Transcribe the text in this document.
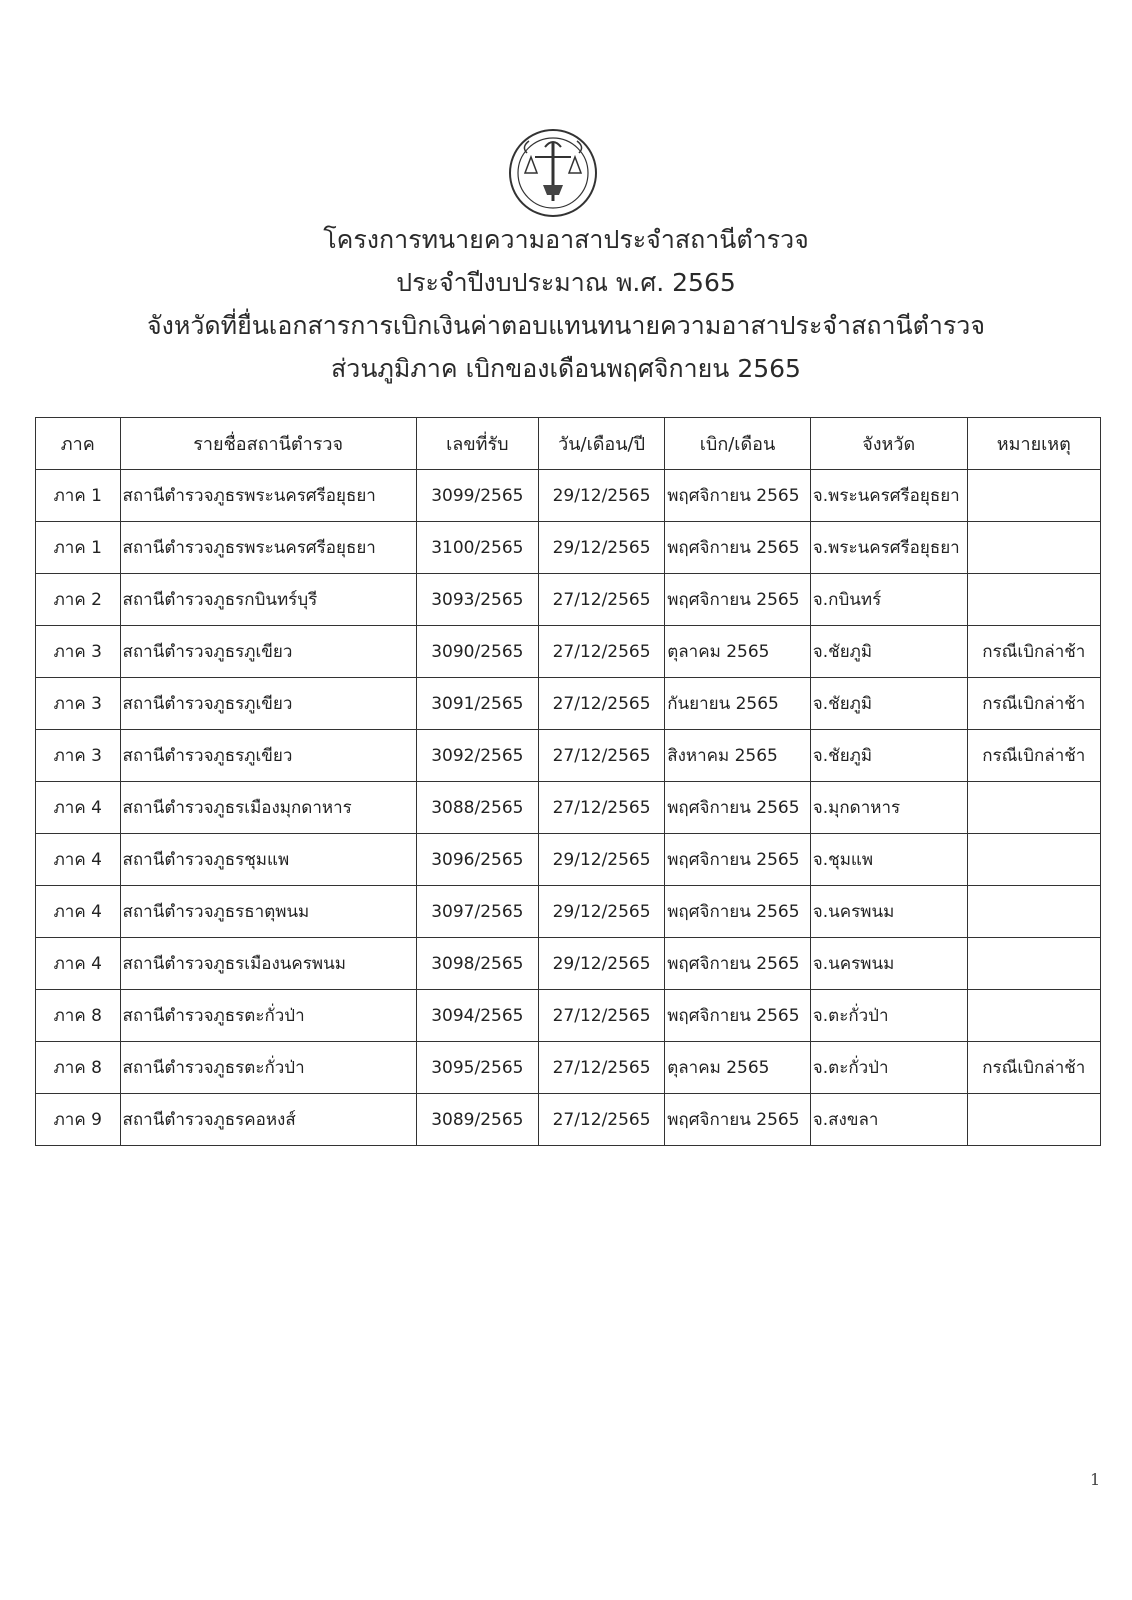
โครงการทนายความอาสาประจำสถานีตำรวจ
ประจำปีงบประมาณ พ.ศ. 2565
จังหวัดที่ยื่นเอกสารการเบิกเงินค่าตอบแทนทนายความอาสาประจำสถานีตำรวจ
ส่วนภูมิภาค เบิกของเดือนพฤศจิกายน 2565
ภาค	รายชื่อสถานีตำรวจ	เลขที่รับ	วัน/เดือน/ปี	เบิก/เดือน	จังหวัด	หมายเหตุ
ภาค 1	สถานีตำรวจภูธรพระนครศรีอยุธยา	3099/2565	29/12/2565	พฤศจิกายน 2565	จ.พระนครศรีอยุธยา	
ภาค 1	สถานีตำรวจภูธรพระนครศรีอยุธยา	3100/2565	29/12/2565	พฤศจิกายน 2565	จ.พระนครศรีอยุธยา	
ภาค 2	สถานีตำรวจภูธรกบินทร์บุรี	3093/2565	27/12/2565	พฤศจิกายน 2565	จ.กบินทร์	
ภาค 3	สถานีตำรวจภูธรภูเขียว	3090/2565	27/12/2565	ตุลาคม 2565	จ.ชัยภูมิ	กรณีเบิกล่าช้า
ภาค 3	สถานีตำรวจภูธรภูเขียว	3091/2565	27/12/2565	กันยายน 2565	จ.ชัยภูมิ	กรณีเบิกล่าช้า
ภาค 3	สถานีตำรวจภูธรภูเขียว	3092/2565	27/12/2565	สิงหาคม 2565	จ.ชัยภูมิ	กรณีเบิกล่าช้า
ภาค 4	สถานีตำรวจภูธรเมืองมุกดาหาร	3088/2565	27/12/2565	พฤศจิกายน 2565	จ.มุกดาหาร	
ภาค 4	สถานีตำรวจภูธรชุมแพ	3096/2565	29/12/2565	พฤศจิกายน 2565	จ.ชุมแพ	
ภาค 4	สถานีตำรวจภูธรธาตุพนม	3097/2565	29/12/2565	พฤศจิกายน 2565	จ.นครพนม	
ภาค 4	สถานีตำรวจภูธรเมืองนครพนม	3098/2565	29/12/2565	พฤศจิกายน 2565	จ.นครพนม	
ภาค 8	สถานีตำรวจภูธรตะกั่วป่า	3094/2565	27/12/2565	พฤศจิกายน 2565	จ.ตะกั่วป่า	
ภาค 8	สถานีตำรวจภูธรตะกั่วป่า	3095/2565	27/12/2565	ตุลาคม 2565	จ.ตะกั่วป่า	กรณีเบิกล่าช้า
ภาค 9	สถานีตำรวจภูธรคอหงส์	3089/2565	27/12/2565	พฤศจิกายน 2565	จ.สงขลา	
1
